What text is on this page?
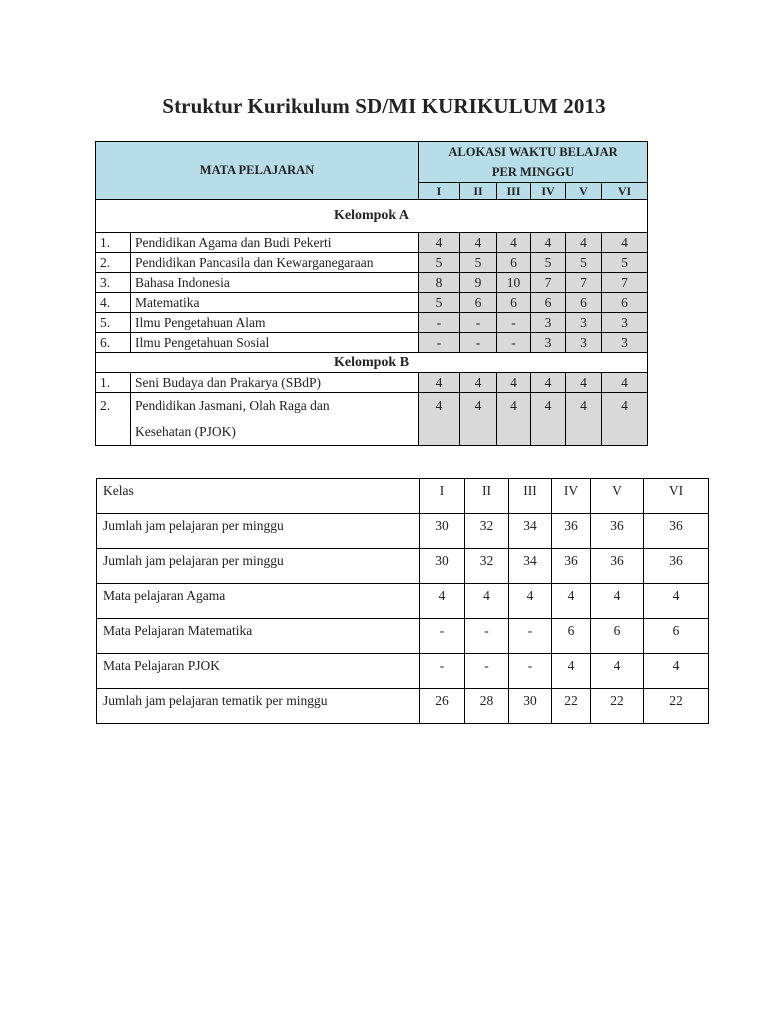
Struktur Kurikulum SD/MI KURIKULUM 2013
MATA PELAJARAN		ALOKASI WAKTU BELAJAR
PER MINGGU					

		I	II	III	IV	V	VI
Kelompok A							
1.	Pendidikan Agama dan Budi Pekerti	4	4	4	4	4	4
2.	Pendidikan Pancasila dan Kewarganegaraan	5	5	6	5	5	5
3.	Bahasa Indonesia	8	9	10	7	7	7
4.	Matematika	5	6	6	6	6	6
5.	Ilmu Pengetahuan Alam	-	-	-	3	3	3
6.	Ilmu Pengetahuan Sosial	-	-	-	3	3	3
Kelompok B							
1.	Seni Budaya dan Prakarya (SBdP)	4	4	4	4	4	4
2.	Pendidikan Jasmani, Olah Raga dan
Kesehatan (PJOK)	4	4	4	4	4	4
Kelas	I	II	III	IV	V	VI
Jumlah jam pelajaran per minggu	30	32	34	36	36	36
Jumlah jam pelajaran per minggu	30	32	34	36	36	36
Mata pelajaran Agama	4	4	4	4	4	4
Mata Pelajaran Matematika	-	-	-	6	6	6
Mata Pelajaran PJOK	-	-	-	4	4	4
Jumlah jam pelajaran tematik per minggu	26	28	30	22	22	22
